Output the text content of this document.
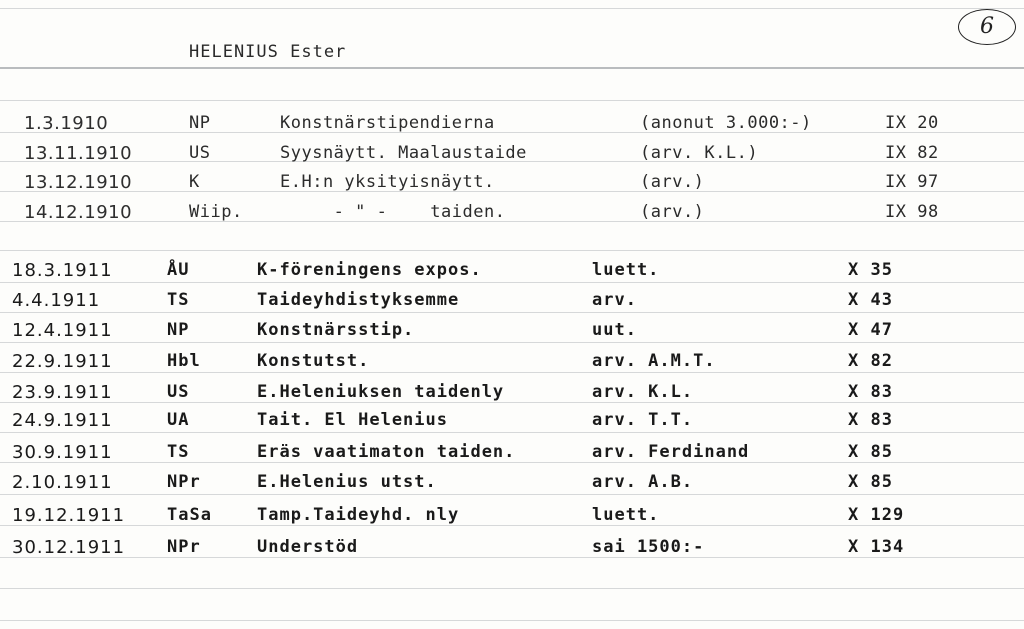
HELENIUS Ester
6
1.3.1910	NP	Konstnärstipendierna	(anonut 3.000:-)	IX 20
13.11.1910	US	Syysnäytt. Maalaustaide	(arv. K.L.)	IX 82
13.12.1910	K	E.H:n yksityisnäytt.	(arv.)	IX 97
14.12.1910	Wiip. - " -    taiden.	(arv.)	IX 98
18.3.1911	ÅU	K-föreningens expos.	luett.	X 35
4.4.1911	TS	Taideyhdistyksemme	arv.	X 43
12.4.1911	NP	Konstnärsstip.	uut.	X 47
22.9.1911	Hbl	Konstutst.	arv. A.M.T.	X 82
23.9.1911	US	E.Heleniuksen taidenly	arv. K.L.	X 83
24.9.1911	UA	Tait. El Helenius	arv. T.T.	X 83
30.9.1911	TS	Eräs vaatimaton taiden.	arv. Ferdinand	X 85
2.10.1911	NPr	E.Helenius utst.	arv. A.B.	X 85
19.12.1911 TaSa	Tamp.Taideyhd. nly	luett.	X 129
30.12.1911 NPr	Understöd	sai 1500:-	X 134
